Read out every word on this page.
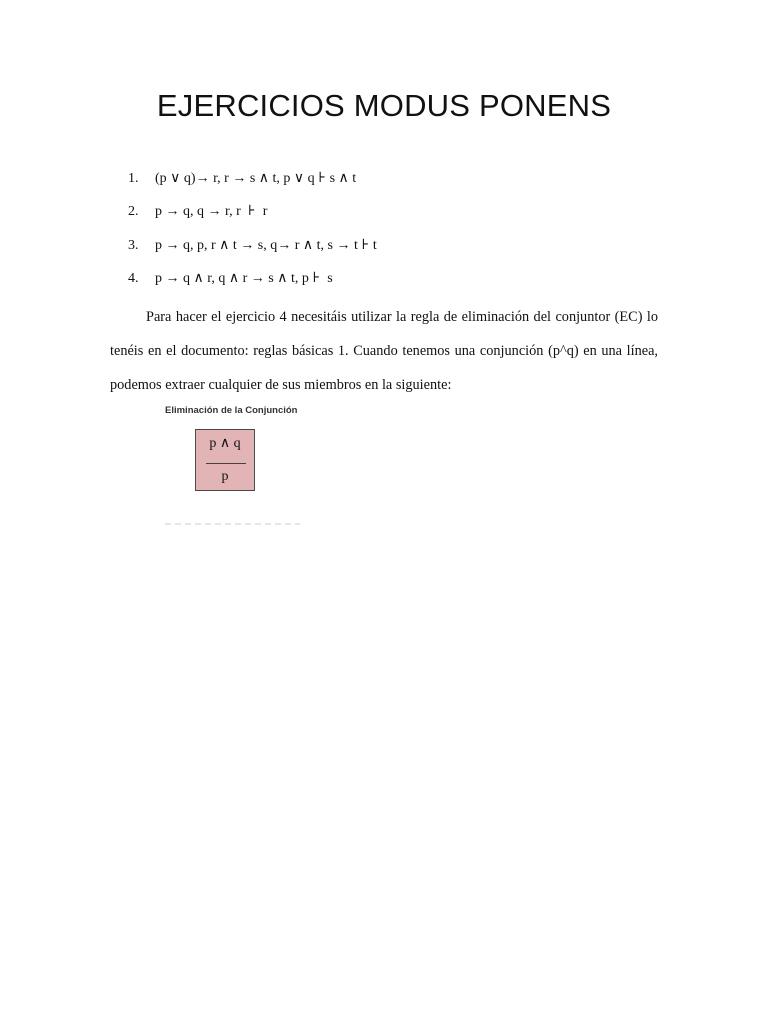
EJERCICIOS MODUS PONENS
1. (p ∨ q)→ r, r → s ∧ t, p ∨ q ⊦ s ∧ t
2. p → q, q → r, r  ⊦  r
3. p → q, p, r ∧ t → s, q→ r ∧ t, s → t ⊦ t
4. p → q ∧ r, q ∧ r → s ∧ t, p ⊦  s
Para hacer el ejercicio 4 necesitáis utilizar la regla de eliminación del conjuntor (EC) lo tenéis en el documento: reglas básicas 1. Cuando tenemos una conjunción (p^q) en una línea, podemos extraer cualquier de sus miembros en la siguiente:
Eliminación de la Conjunción
p ∧ q
p
